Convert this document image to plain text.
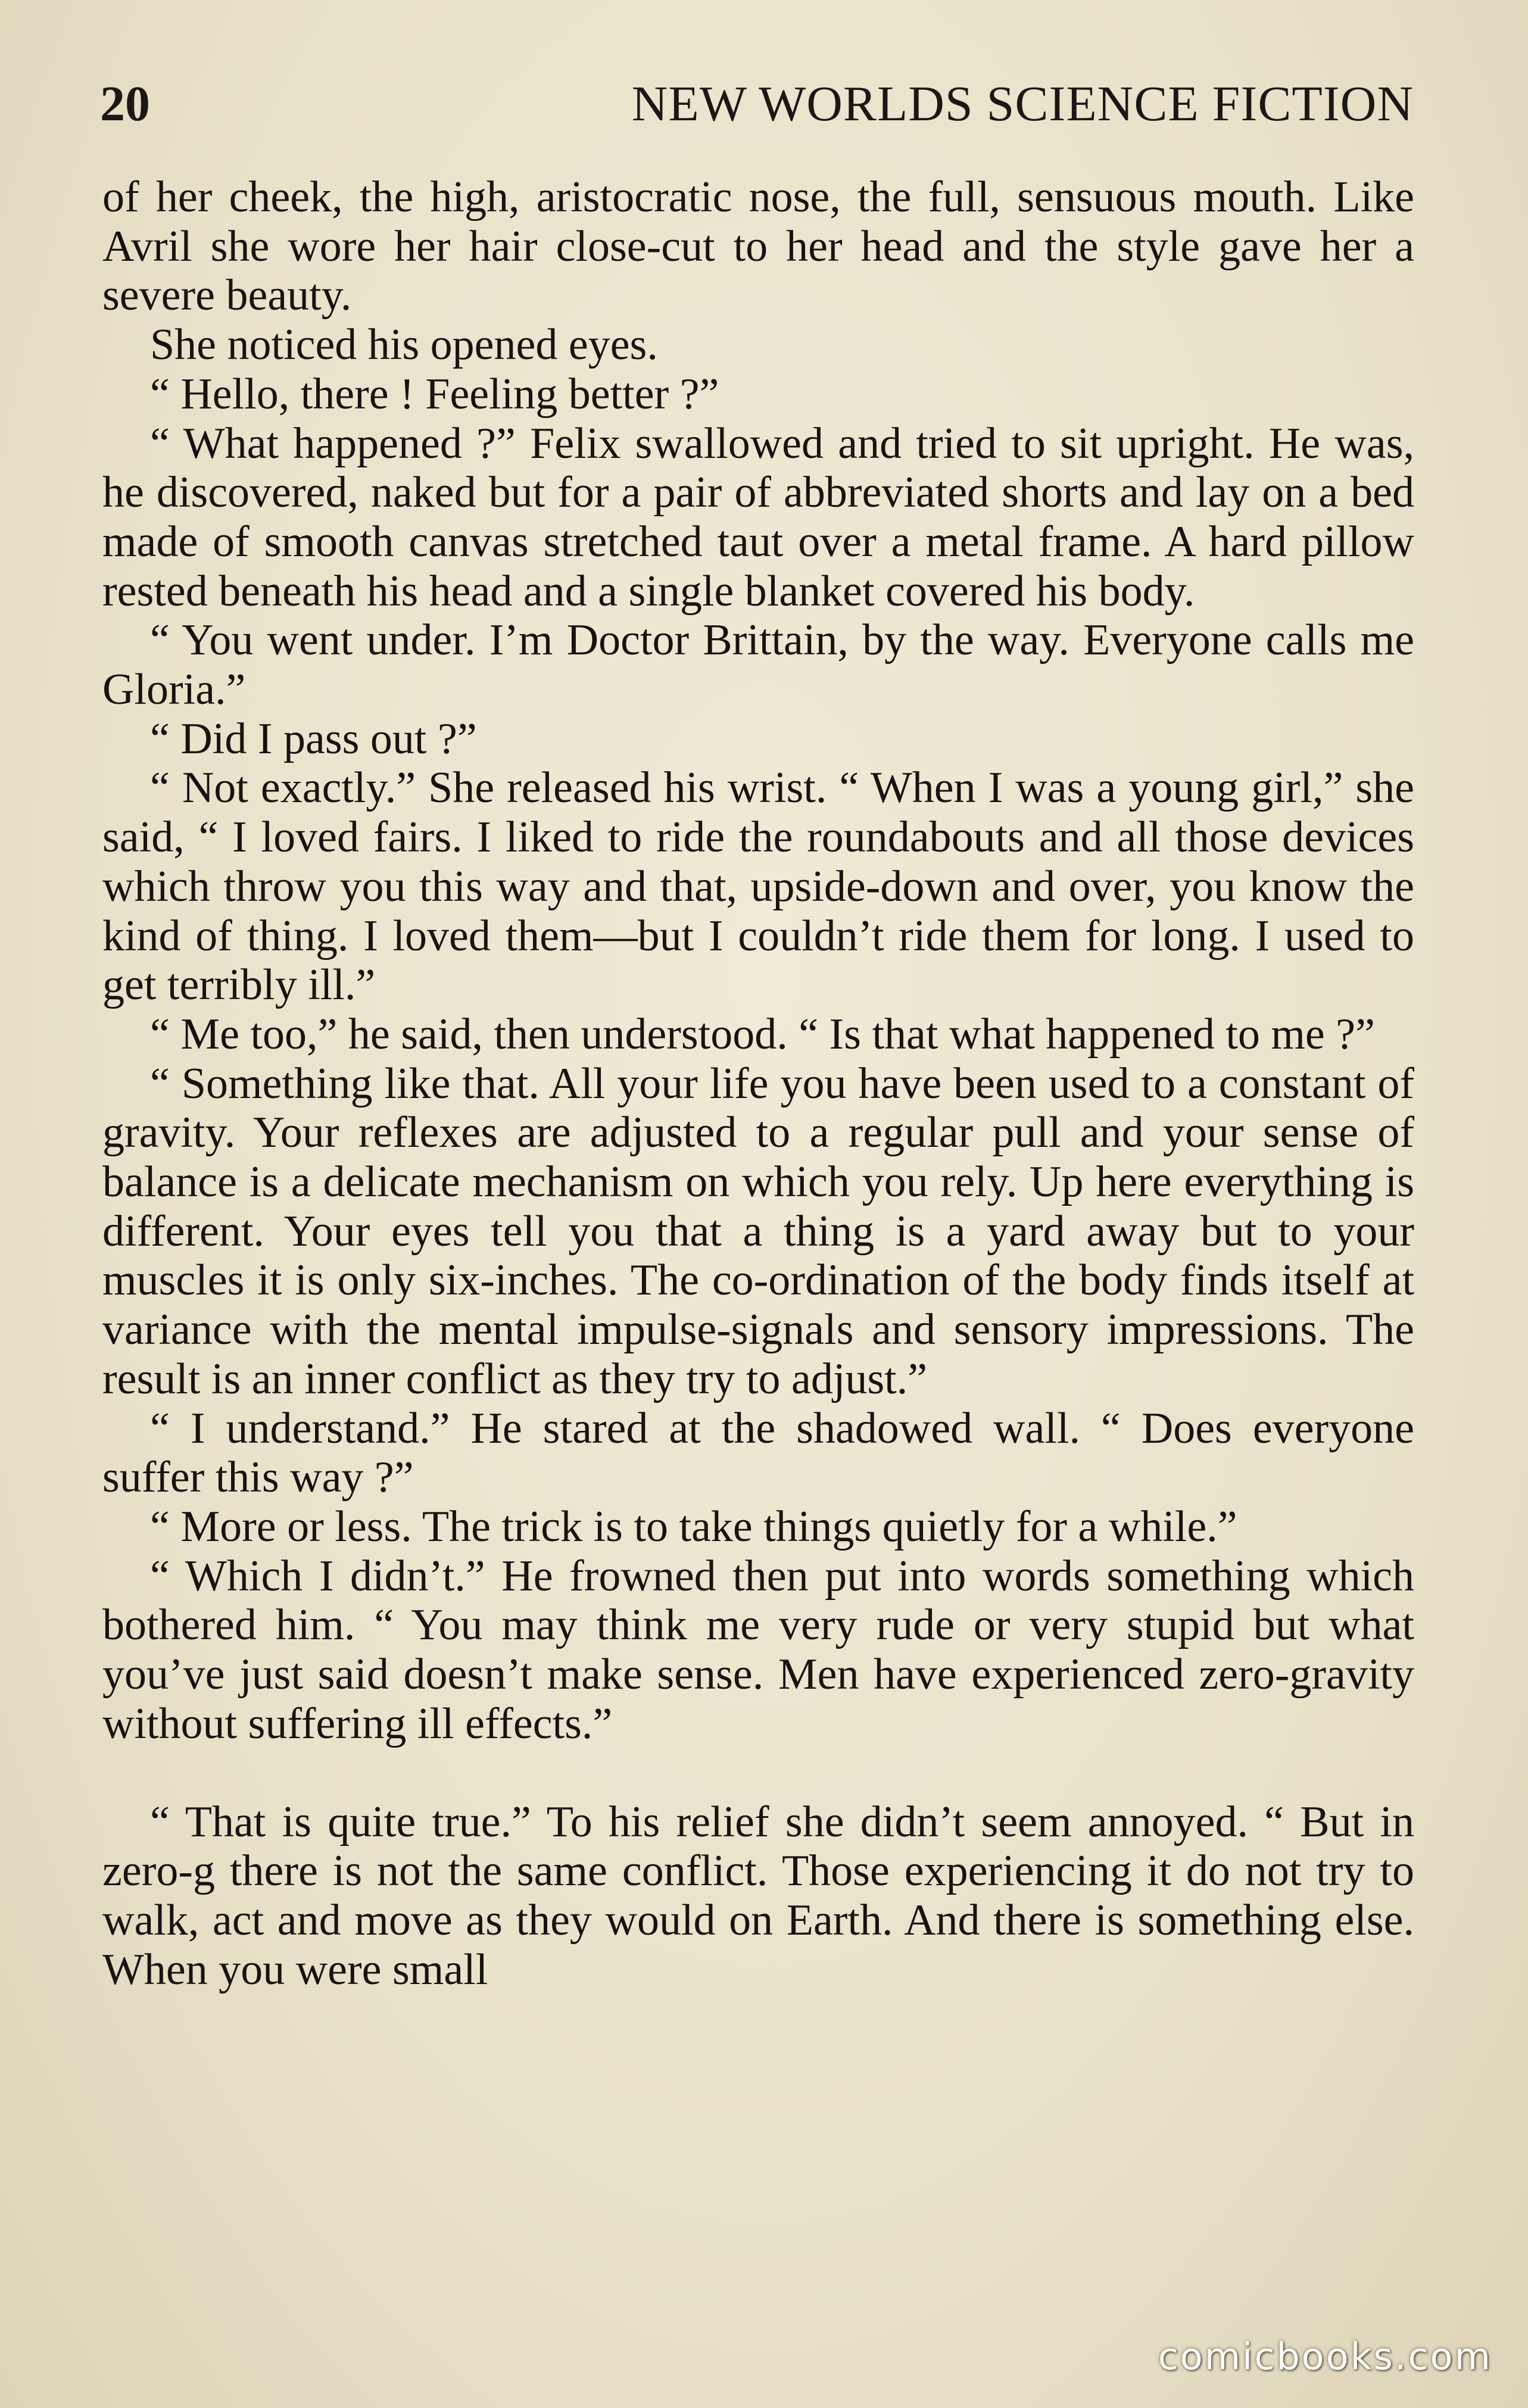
20	NEW WORLDS SCIENCE FICTION

of her cheek, the high, aristocratic nose, the full, sensuous mouth. Like Avril she wore her hair close-cut to her head and the style gave her a severe beauty.

She noticed his opened eyes.

“ Hello, there ! Feeling better ?”

“ What happened ?” Felix swallowed and tried to sit upright. He was, he discovered, naked but for a pair of abbreviated shorts and lay on a bed made of smooth canvas stretched taut over a metal frame. A hard pillow rested beneath his head and a single blanket covered his body.

“ You went under. I’m Doctor Brittain, by the way. Everyone calls me Gloria.”

“ Did I pass out ?”

“ Not exactly.” She released his wrist. “ When I was a young girl,” she said, “ I loved fairs. I liked to ride the roundabouts and all those devices which throw you this way and that, upside-down and over, you know the kind of thing. I loved them—but I couldn’t ride them for long. I used to get terribly ill.”

“ Me too,” he said, then understood. “ Is that what happened to me ?”

“ Something like that. All your life you have been used to a constant of gravity. Your reflexes are adjusted to a regular pull and your sense of balance is a delicate mechanism on which you rely. Up here everything is different. Your eyes tell you that a thing is a yard away but to your muscles it is only six-inches. The co-ordination of the body finds itself at variance with the mental impulse-signals and sensory impressions. The result is an inner conflict as they try to adjust.”

“ I understand.” He stared at the shadowed wall. “ Does everyone suffer this way ?”

“ More or less. The trick is to take things quietly for a while.”

“ Which I didn’t.” He frowned then put into words something which bothered him. “ You may think me very rude or very stupid but what you’ve just said doesn’t make sense. Men have experienced zero-gravity without suffering ill effects.”

“ That is quite true.” To his relief she didn’t seem annoyed. “ But in zero-g there is not the same conflict. Those experiencing it do not try to walk, act and move as they would on Earth. And there is something else. When you were small

comicbooks.com
